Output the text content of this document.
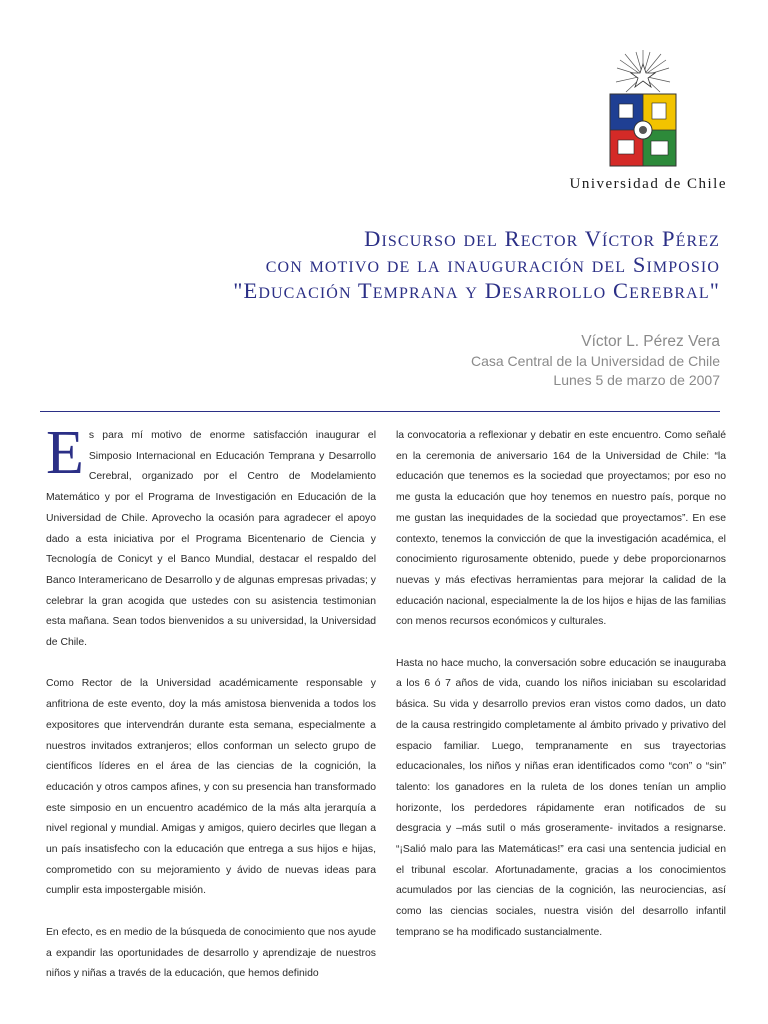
Universidad de Chile
Discurso del Rector Víctor Pérez
con motivo de la inauguración del Simposio
"Educación Temprana y Desarrollo Cerebral"
Víctor L. Pérez Vera
Casa Central de la Universidad de Chile
Lunes 5 de marzo de 2007

Es para mí motivo de enorme satisfacción inaugurar el Simposio Internacional en Educación Temprana y Desarrollo Cerebral, organizado por el Centro de Modelamiento Matemático y por el Programa de Investigación en Educación de la Universidad de Chile. Aprovecho la ocasión para agradecer el apoyo dado a esta iniciativa por el Programa Bicentenario de Ciencia y Tecnología de Conicyt y el Banco Mundial, destacar el respaldo del Banco Interamericano de Desarrollo y de algunas empresas privadas; y celebrar la gran acogida que ustedes con su asistencia testimonian esta mañana. Sean todos bienvenidos a su universidad, la Universidad de Chile.

Como Rector de la Universidad académicamente responsable y anfitriona de este evento, doy la más amistosa bienvenida a todos los expositores que intervendrán durante esta semana, especialmente a nuestros invitados extranjeros; ellos conforman un selecto grupo de científicos líderes en el área de las ciencias de la cognición, la educación y otros campos afines, y con su presencia han transformado este simposio en un encuentro académico de la más alta jerarquía a nivel regional y mundial. Amigas y amigos, quiero decirles que llegan a un país insatisfecho con la educación que entrega a sus hijos e hijas, comprometido con su mejoramiento y ávido de nuevas ideas para cumplir esta impostergable misión.

En efecto, es en medio de la búsqueda de conocimiento que nos ayude a expandir las oportunidades de desarrollo y aprendizaje de nuestros niños y niñas a través de la educación, que hemos definido

la convocatoria a reflexionar y debatir en este encuentro. Como señalé en la ceremonia de aniversario 164 de la Universidad de Chile: “la educación que tenemos es la sociedad que proyectamos; por eso no me gusta la educación que hoy tenemos en nuestro país, porque no me gustan las inequidades de la sociedad que proyectamos”. En ese contexto, tenemos la convicción de que la investigación académica, el conocimiento rigurosamente obtenido, puede y debe proporcionarnos nuevas y más efectivas herramientas para mejorar la calidad de la educación nacional, especialmente la de los hijos e hijas de las familias con menos recursos económicos y culturales.

Hasta no hace mucho, la conversación sobre educación se inauguraba a los 6 ó 7 años de vida, cuando los niños iniciaban su escolaridad básica. Su vida y desarrollo previos eran vistos como dados, un dato de la causa restringido completamente al ámbito privado y privativo del espacio familiar. Luego, tempranamente en sus trayectorias educacionales, los niños y niñas eran identificados como “con” o “sin” talento: los ganadores en la ruleta de los dones tenían un amplio horizonte, los perdedores rápidamente eran notificados de su desgracia y –más sutil o más groseramente- invitados a resignarse. “¡Salió malo para las Matemáticas!” era casi una sentencia judicial en el tribunal escolar. Afortunadamente, gracias a los conocimientos acumulados por las ciencias de la cognición, las neurociencias, así como las ciencias sociales, nuestra visión del desarrollo infantil temprano se ha modificado sustancialmente.
